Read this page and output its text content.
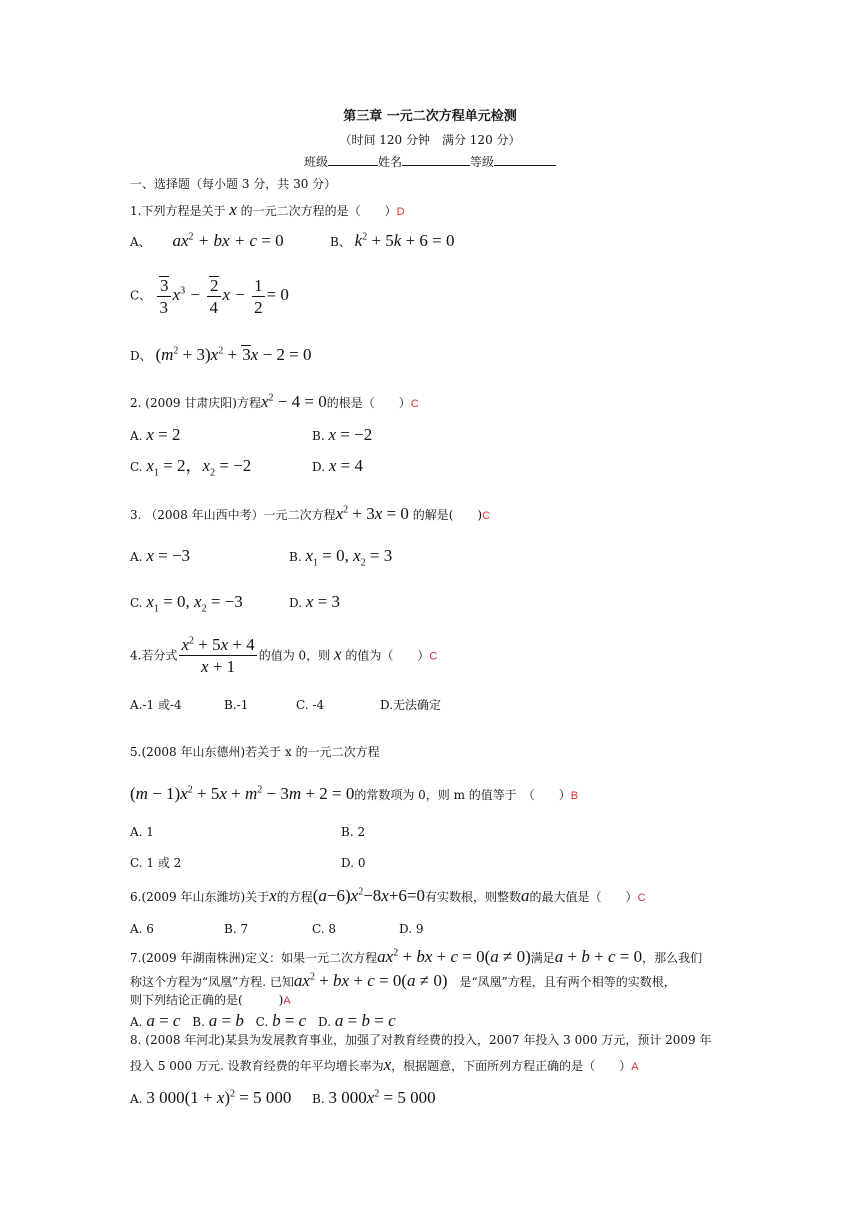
第三章 一元二次方程单元检测
（时间 120 分钟　满分 120 分）
班级	姓名	等级
一、选择题（每小题 3 分，共 30 分）
1.下列方程是关于 x 的一元二次方程的是（　　）D
A、 $ax^2$ + bx + c = 0	B、 $k^2 + 5k + 6 = 0$
C、 $\frac{3}{3} x^3 - \frac{2}{4}$ $x - \frac{1}{2} = 0$
D、 $(m^2 + 3)x^2 + 3x - 2 = 0$
2. (2009 甘肃庆阳)方程$x^2 - 4 = 0$的根是（　　）C
A. x = 2	B. x = −2
C. $x_1 = 2$，$x_2 = -2$	D. x = 4
3. （2008 年山西中考）一元二次方程$x^2 + 3x = 0$ 的解是(　　)C
A. x = −3	B. $x_1 = 0$, $x_2 = 3$
C. $x_1 = 0$, $x_2 = -3$	D. x = 3
4.若分式 $\frac{x^2 + 5x + 4}{x + 1}$ 的值为 0，则 x 的值为（　　）C
A.-1 或-4	B.-1	C. -4	D.无法确定
5.(2008 年山东德州)若关于 x 的一元二次方程
$(m - 1)x^2 + 5x + m^2 - 3m + 2 = 0$的常数项为 0，则 m 的值等于　（　　）B
A. 1	B. 2
C. 1 或 2	D. 0
6.(2009 年山东潍坊)关于x的方程$(a-6)x^2-8x+6=0$有实数根，则整数a的最大值是（　　）C
A. 6	B. 7	C. 8	D. 9
7.(2009 年湖南株洲)定义：如果一元二次方程$ax^2$ + bx + c = 0(a ≠ 0)满足a + b + c = 0，那么我们
称这个方程为“凤凰”方程. 已知$ax^2$ + bx + c = 0(a ≠ 0)　 是“凤凰”方程，且有两个相等的实数根，
则下列结论正确的是(　　　)A
A. a = c B. a = b C. b = c D. a = b = c
8. (2008 年河北)某县为发展教育事业，加强了对教育经费的投入，2007 年投入 3 000 万元，预计 2009 年
投入 5 000 万元. 设教育经费的年平均增长率为x，根据题意，下面所列方程正确的是（　　）A
A. 3 $000(1 + x)^2 = 5$ 000 B. 3 $000x^2 = 5$ 000
